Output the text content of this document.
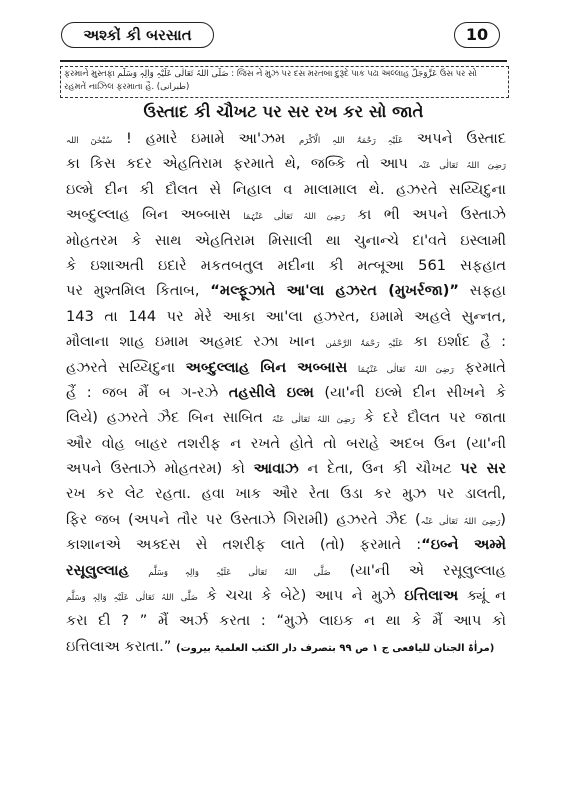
અશ્કોં કી બરસાત	10
ફરમાને મુસ્તફા صَلَّی اللہُ تَعَالٰی عَلَیْہِ وَالِہٖ وَسَلَّم : જિસ ને મુઝ પર દસ મરતબા દુરૂદે પાક પઢા અલ્લાહ عَزَّوَجَلَّ ઉસ પર સો
રહમતેં નાઝિલ ફરમાતા હૈ. (طبرانی)
ઉસ્તાદ કી ચૌખટ પર સર રખ કર સો જાતે
سُبْحٰنَ اللہ ! હમારે ઇમામે આ'ઝમ عَلَیْہِ رَحْمَۃُ اللہِ الْاَکْرَم અપને ઉસ્તાદ
કા કિસ કદર એહતિરામ ફરમાતે થે, જબ્કિ તો આપ رَضِیَ اللہُ تَعَالٰی عَنْہ
ઇલ્મે દીન કી દૌલત સે નિહાલ વ માલામાલ થે. હઝરતે સય્યિદુના
અબ્દુલ્લાહ બિન અબ્બાસ رَضِیَ اللہُ تَعَالٰی عَنْہُمَا કા ભી અપને ઉસ્તાઝે
મોહતરમ કે સાથ એહતિરામ મિસાલી થા ચુનાન્ચે દા'વતે ઇસ્લામી
કે ઇશાઅતી ઇદારે મકતબતુલ મદીના કી મત્બૂઆ 561 સફહાત
પર મુશ્તમિલ કિતાબ, “મલ્ફૂઝાતે આ'લા હઝરત (મુખર્રજા)” સફહા
143 તા 144 પર મેરે આકા આ'લા હઝરત, ઇમામે અહલે સુન્નત,
મૌલાના શાહ ઇમામ અહમદ રઝા ખાન عَلَیْہِ رَحْمَۃُ الرَّحْمٰن કા ઇર્શાદ હૈ :
હઝરતે સય્યિદુના અબ્દુલ્લાહ બિન અબ્બાસ رَضِیَ اللہُ تَعَالٰی عَنْہُمَا ફરમાતે
હૈં : જબ મૈં બ ગ-રઝે તહસીલે ઇલ્મ (યા'ની ઇલ્મે દીન સીખને કે
લિયે) હઝરતે ઝૈદ બિન સાબિત رَضِیَ اللہُ تَعَالٰی عَنْہُ કે દરે દૌલત પર જાતા
ઔર વોહ બાહર તશરીફ ન રખતે હોતે તો બરાહે અદબ ઉન (યા'ની
અપને ઉસ્તાઝે મોહતરમ) કો આવાઝ ન દેતા, ઉન કી ચૌખટ પર સર
રખ કર લેટ રહતા. હવા ખાક ઔર રેતા ઉડા કર મુઝ પર ડાલતી,
ફિર જબ (અપને તૌર પર ઉસ્તાઝે ગિરામી) હઝરતે ઝૈદ (رَضِیَ اللہُ تَعَالٰی عَنْہ)
કાશાનએ અક્દસ સે તશરીફ લાતે (તો) ફરમાતે :“ઇબ્ને અમ્મે
રસૂલુલ્લાહ صَلَّی اللہُ تَعَالٰی عَلَیْہِ وَالِہٖ وَسَلَّم (યા'ની એ રસૂલુલ્લાહ
صَلَّی اللہُ تَعَالٰی عَلَیْہِ وَالِہٖ وَسَلَّم કે ચચા કે બેટે) આપ ને મુઝે ઇત્તિલાઅ ક્યૂં ન
કરા દી ? ” મૈં અર્ઝ કરતા : “મુઝે લાઇક ન થા કે મૈં આપ કો
ઇત્તિલાઅ કરાતા.” (مراٰۃ الجنان للیافعی ج ۱ ص ۹۹ بتصرف دار الکتب العلمیۃ بیروت)
